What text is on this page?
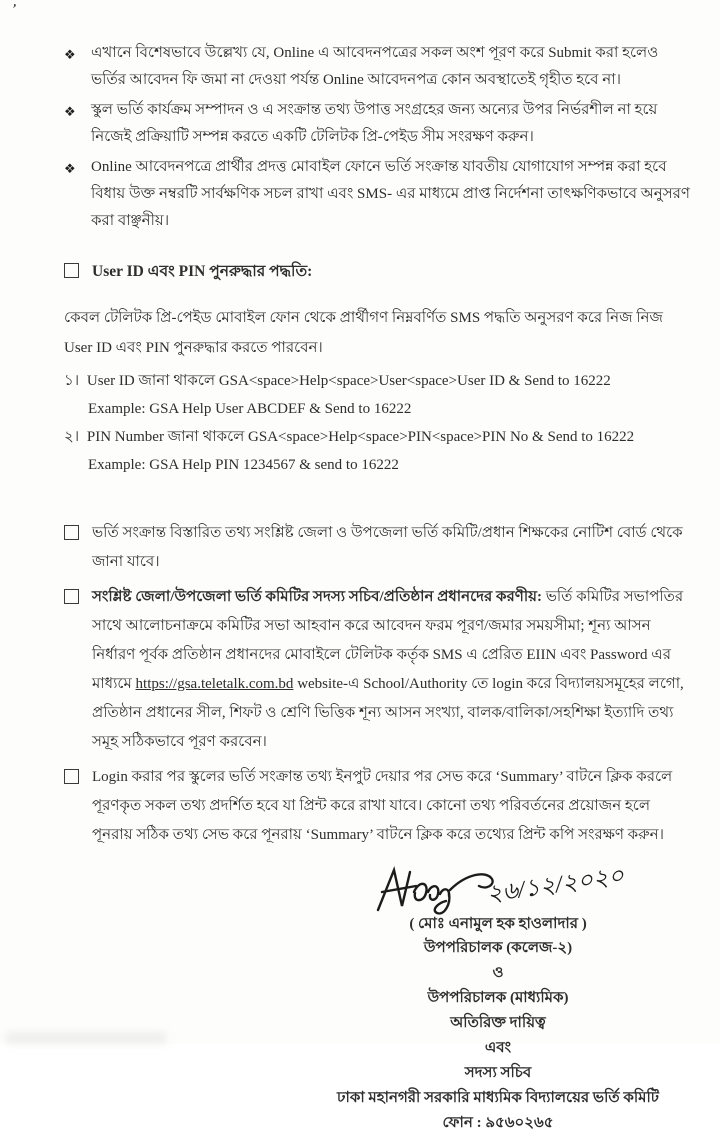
’
❖ এখানে বিশেষভাবে উল্লেখ্য যে, Online এ আবেদনপত্রের সকল অংশ পূরণ করে Submit করা হলেও ভর্তির আবেদন ফি জমা না দেওয়া পর্যন্ত Online আবেদনপত্র কোন অবস্থাতেই গৃহীত হবে না।
❖ স্কুল ভর্তি কার্যক্রম সম্পাদন ও এ সংক্রান্ত তথ্য উপাত্ত সংগ্রহের জন্য অন্যের উপর নির্ভরশীল না হয়ে নিজেই প্রক্রিয়াটি সম্পন্ন করতে একটি টেলিটক প্রি-পেইড সীম সংরক্ষণ করুন।
❖ Online আবেদনপত্রে প্রার্থীর প্রদত্ত মোবাইল ফোনে ভর্তি সংক্রান্ত যাবতীয় যোগাযোগ সম্পন্ন করা হবে বিধায় উক্ত নম্বরটি সার্বক্ষণিক সচল রাখা এবং SMS- এর মাধ্যমে প্রাপ্ত নির্দেশনা তাৎক্ষণিকভাবে অনুসরণ করা বাঞ্ছনীয়।
User ID এবং PIN পুনরুদ্ধার পদ্ধতি:
কেবল টেলিটক প্রি-পেইড মোবাইল ফোন থেকে প্রার্থীগণ নিম্নবর্ণিত SMS পদ্ধতি অনুসরণ করে নিজ নিজ User ID এবং PIN পুনরুদ্ধার করতে পারবেন।
১। User ID জানা থাকলে GSA<space>Help<space>User<space>User ID & Send to 16222
Example: GSA Help User ABCDEF & Send to 16222
২। PIN Number জানা থাকলে GSA<space>Help<space>PIN<space>PIN No & Send to 16222
Example: GSA Help PIN 1234567 & send to 16222
ভর্তি সংক্রান্ত বিস্তারিত তথ্য সংশ্লিষ্ট জেলা ও উপজেলা ভর্তি কমিটি/প্রধান শিক্ষকের নোটিশ বোর্ড থেকে জানা যাবে।
সংশ্লিষ্ট জেলা/উপজেলা ভর্তি কমিটির সদস্য সচিব/প্রতিষ্ঠান প্রধানদের করণীয়: ভর্তি কমিটির সভাপতির সাথে আলোচনাক্রমে কমিটির সভা আহবান করে আবেদন ফরম পূরণ/জমার সময়সীমা; শূন্য আসন নির্ধারণ পূর্বক প্রতিষ্ঠান প্রধানদের মোবাইলে টেলিটক কর্তৃক SMS এ প্রেরিত EIIN এবং Password এর মাধ্যমে https://gsa.teletalk.com.bd website-এ School/Authority তে login করে বিদ্যালয়সমূহের লগো, প্রতিষ্ঠান প্রধানের সীল, শিফট ও শ্রেণি ভিত্তিক শূন্য আসন সংখ্যা, বালক/বালিকা/সহশিক্ষা ইত্যাদি তথ্য সমূহ সঠিকভাবে পূরণ করবেন।
Login করার পর স্কুলের ভর্তি সংক্রান্ত তথ্য ইনপুট দেয়ার পর সেভ করে ‘Summary’ বাটনে ক্লিক করলে পূরণকৃত সকল তথ্য প্রদর্শিত হবে যা প্রিন্ট করে রাখা যাবে। কোনো তথ্য পরিবর্তনের প্রয়োজন হলে পূনরায় সঠিক তথ্য সেভ করে পূনরায় ‘Summary’ বাটনে ক্লিক করে তথ্যের প্রিন্ট কপি সংরক্ষণ করুন।
২৬/১২/২০২০
( মোঃ এনামুল হক হাওলাদার )
উপপরিচালক (কলেজ-২)
ও
উপপরিচালক (মাধ্যমিক)
অতিরিক্ত দায়িত্ব
এবং
সদস্য সচিব
ঢাকা মহানগরী সরকারি মাধ্যমিক বিদ্যালয়ের ভর্তি কমিটি
ফোন : ৯৫৬০২৬৫
